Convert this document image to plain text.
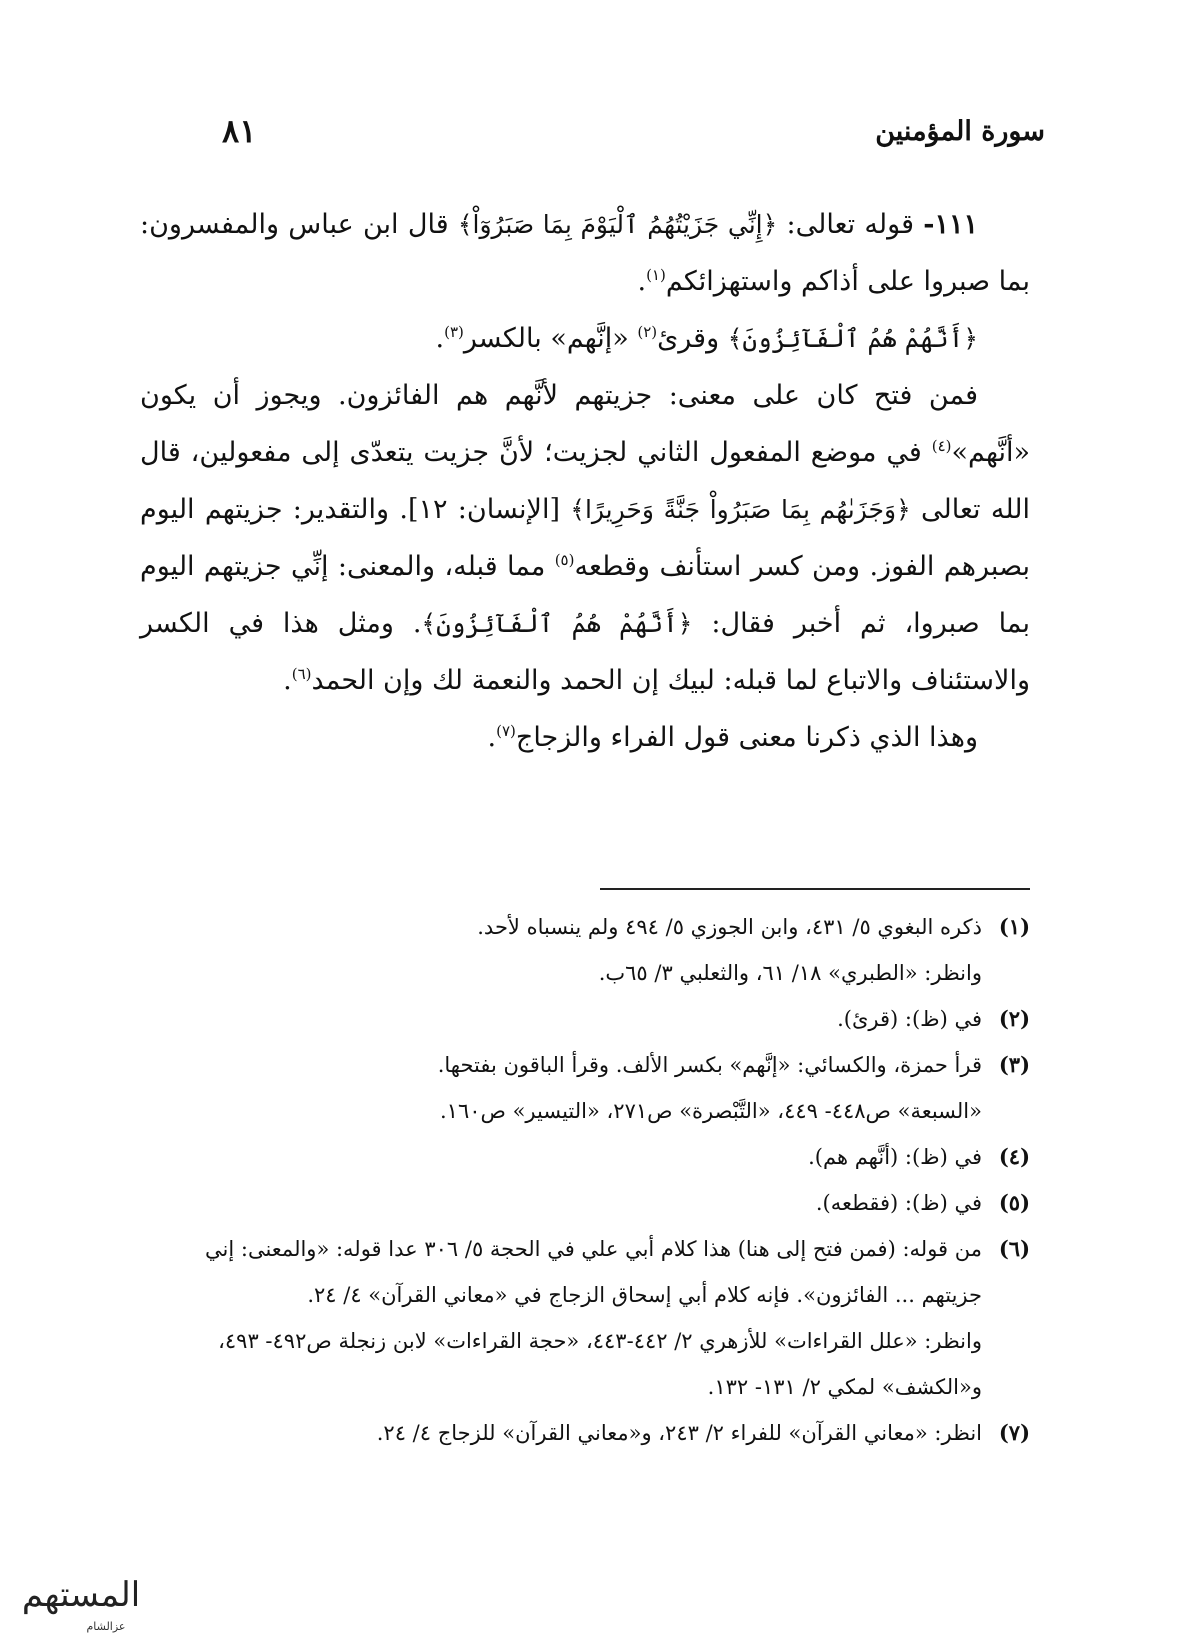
٨١	سورة المؤمنين

١١١- قوله تعالى: ﴿إِنِّي جَزَيْتُهُمُ ٱلْيَوْمَ بِمَا صَبَرُوٓاْ﴾ قال ابن عباس والمفسرون: بما صبروا على أذاكم واستهزائكم$^{(١)}$.

﴿أَنَّهُمْ هُمُ ٱلْفَآئِزُونَ﴾ وقرئ$^{(٢)}$ «إنَّهم» بالكسر$^{(٣)}$.

فمن فتح كان على معنى: جزيتهم لأنَّهم هم الفائزون. ويجوز أن يكون «أنَّهم»$^{(٤)}$ في موضع المفعول الثاني لجزيت؛ لأنَّ جزيت يتعدّى إلى مفعولين، قال الله تعالى ﴿وَجَزَىٰهُم بِمَا صَبَرُواْ جَنَّةً وَحَرِيرًا﴾ [الإنسان: ١٢]. والتقدير: جزيتهم اليوم بصبرهم الفوز. ومن كسر استأنف وقطعه$^{(٥)}$ مما قبله، والمعنى: إنِّي جزيتهم اليوم بما صبروا، ثم أخبر فقال: ﴿أَنَّهُمْ هُمُ ٱلْفَآئِزُونَ﴾. ومثل هذا في الكسر والاستئناف والاتباع لما قبله: لبيك إن الحمد والنعمة لك وإن الحمد$^{(٦)}$.

وهذا الذي ذكرنا معنى قول الفراء والزجاج$^{(٧)}$.

(١)
ذكره البغوي ٥/ ٤٣١، وابن الجوزي ٥/ ٤٩٤ ولم ينسباه لأحد.
وانظر: «الطبري» ١٨/ ٦١، والثعلبي ٣/ ٦٥ب.
(٢)
في (ظ): (قرئ).
(٣)
قرأ حمزة، والكسائي: «إنَّهم» بكسر الألف. وقرأ الباقون بفتحها.
«السبعة» ص٤٤٨- ٤٤٩، «التَّبْصرة» ص٢٧١، «التيسير» ص١٦٠.
(٤)
في (ظ): (أنَّهم هم).
(٥)
في (ظ): (فقطعه).
(٦)
من قوله: (فمن فتح إلى هنا) هذا كلام أبي علي في الحجة ٥/ ٣٠٦ عدا قوله: «والمعنى: إني جزيتهم ... الفائزون». فإنه كلام أبي إسحاق الزجاج في «معاني القرآن» ٤/ ٢٤.
وانظر: «علل القراءات» للأزهري ٢/ ٤٤٢-٤٤٣، «حجة القراءات» لابن زنجلة ص٤٩٢- ٤٩٣، و«الكشف» لمكي ٢/ ١٣١- ١٣٢.
(٧)
انظر: «معاني القرآن» للفراء ٢/ ٢٤٣، و«معاني القرآن» للزجاج ٤/ ٢٤.
المستهم
عزالشام
